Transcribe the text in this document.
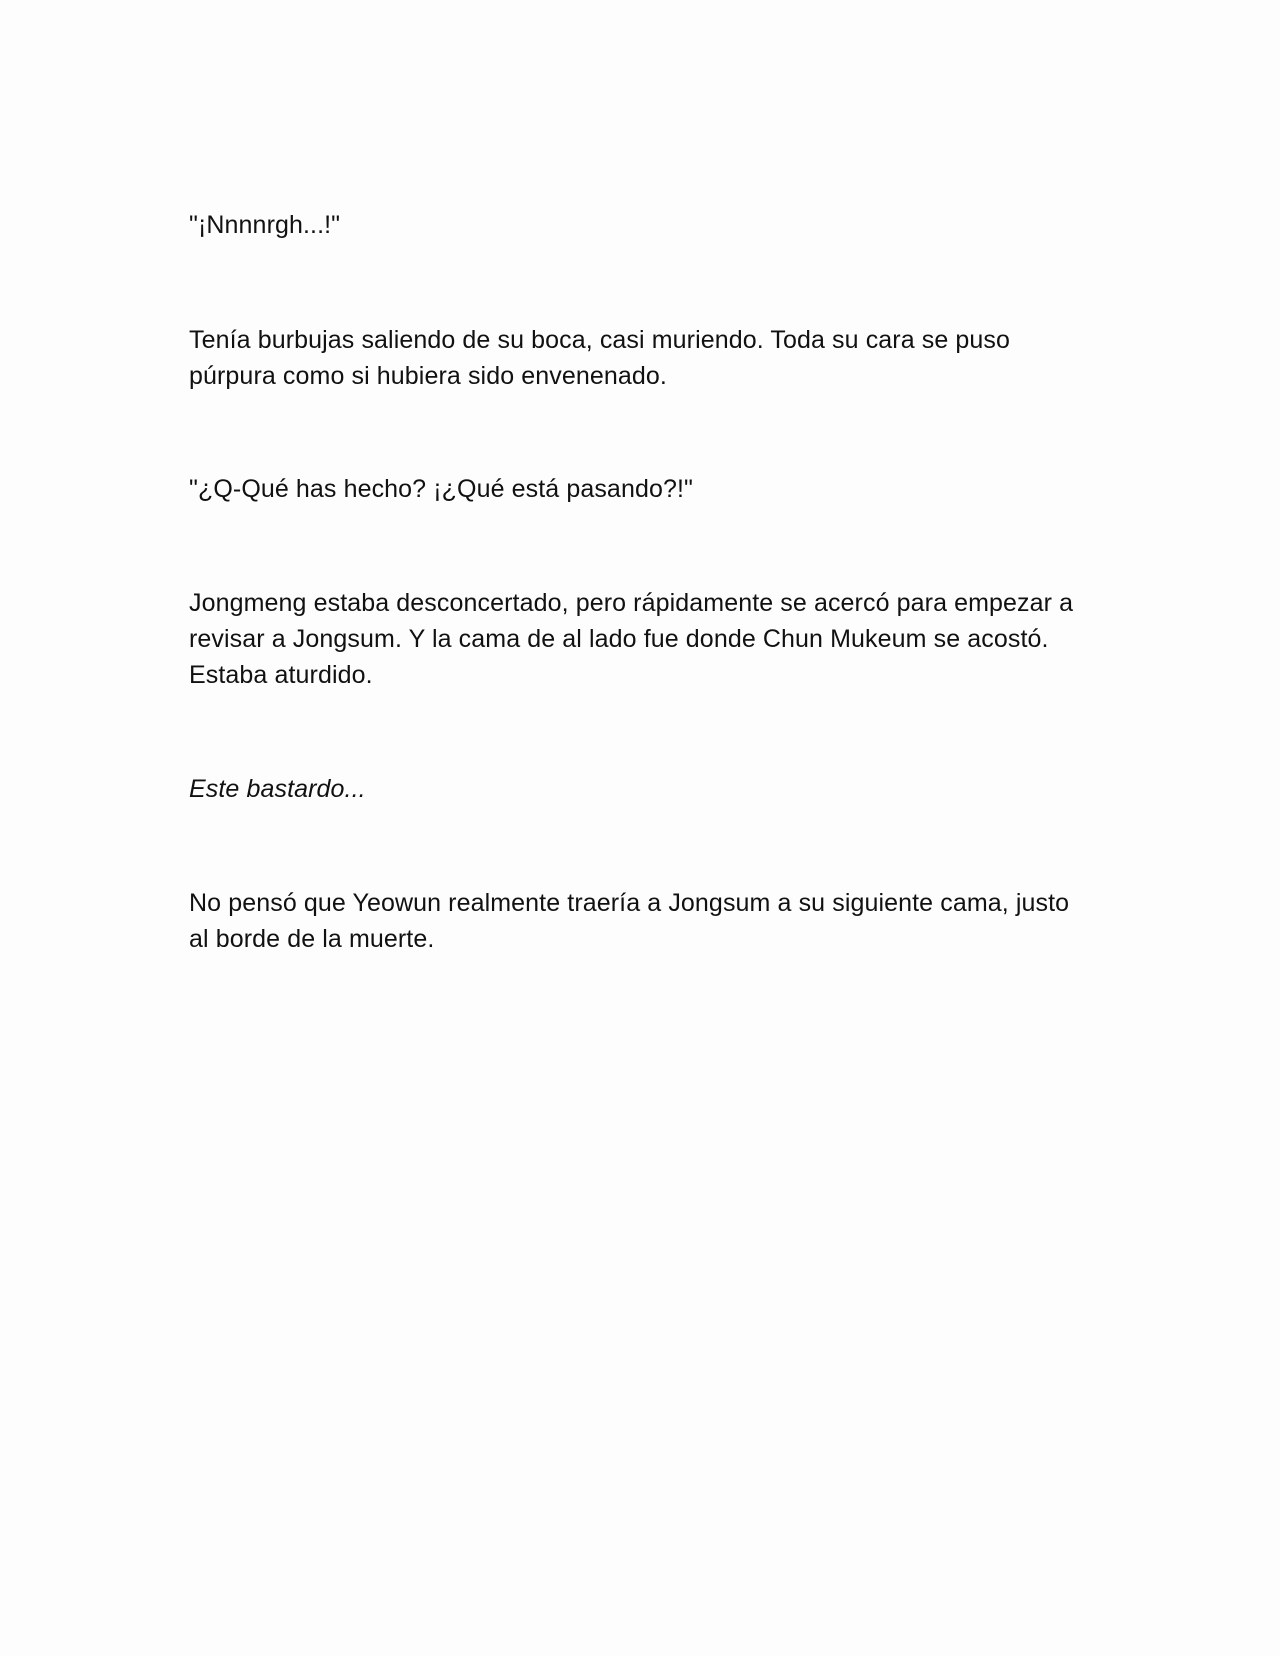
"¡Nnnnrgh...!"

Tenía burbujas saliendo de su boca, casi muriendo. Toda su cara se puso púrpura como si hubiera sido envenenado.

"¿Q-Qué has hecho? ¡¿Qué está pasando?!"

Jongmeng estaba desconcertado, pero rápidamente se acercó para empezar a revisar a Jongsum. Y la cama de al lado fue donde Chun Mukeum se acostó. Estaba aturdido.

Este bastardo...

No pensó que Yeowun realmente traería a Jongsum a su siguiente cama, justo al borde de la muerte.
